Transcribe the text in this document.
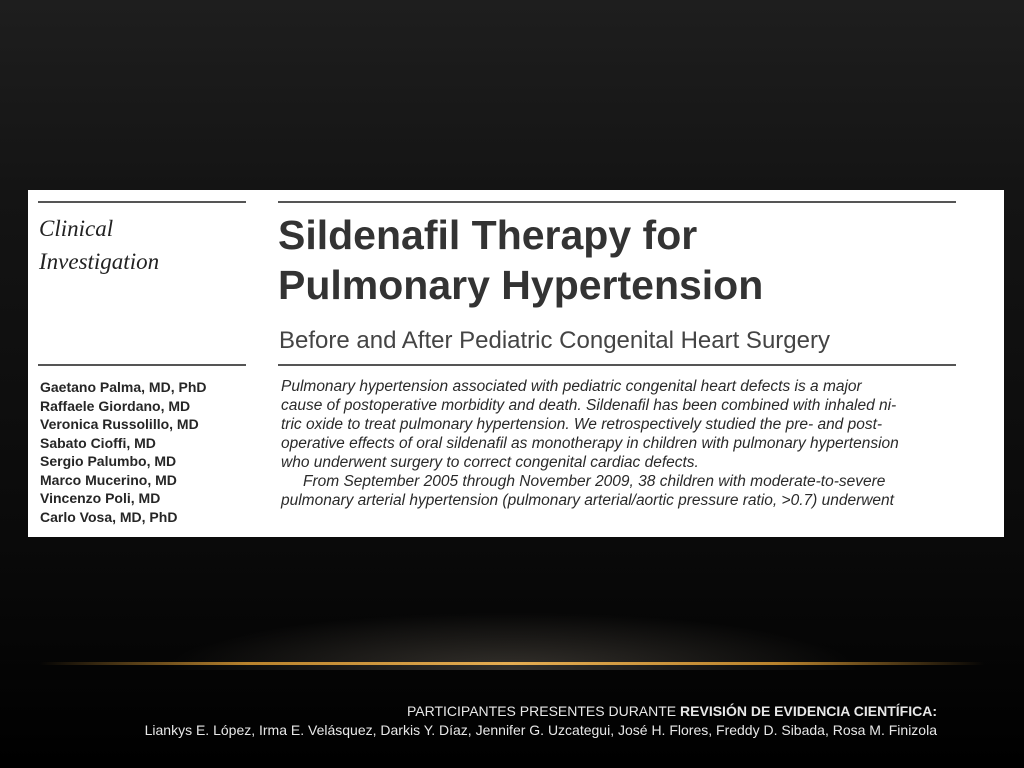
Clinical
Investigation
Sildenafil Therapy for
Pulmonary Hypertension
Before and After Pediatric Congenital Heart Surgery
Gaetano Palma, MD, PhD
Raffaele Giordano, MD
Veronica Russolillo, MD
Sabato Cioffi, MD
Sergio Palumbo, MD
Marco Mucerino, MD
Vincenzo Poli, MD
Carlo Vosa, MD, PhD
Pulmonary hypertension associated with pediatric congenital heart defects is a major
cause of postoperative morbidity and death. Sildenafil has been combined with inhaled ni-
tric oxide to treat pulmonary hypertension. We retrospectively studied the pre- and post-
operative effects of oral sildenafil as monotherapy in children with pulmonary hypertension
who underwent surgery to correct congenital cardiac defects.
From September 2005 through November 2009, 38 children with moderate-to-severe
pulmonary arterial hypertension (pulmonary arterial/aortic pressure ratio, >0.7) underwent
PARTICIPANTES PRESENTES DURANTE REVISIÓN DE EVIDENCIA CIENTÍFICA:
Liankys E. López, Irma E. Velásquez, Darkis Y. Díaz, Jennifer G. Uzcategui, José H. Flores, Freddy D. Sibada, Rosa M. Finizola
